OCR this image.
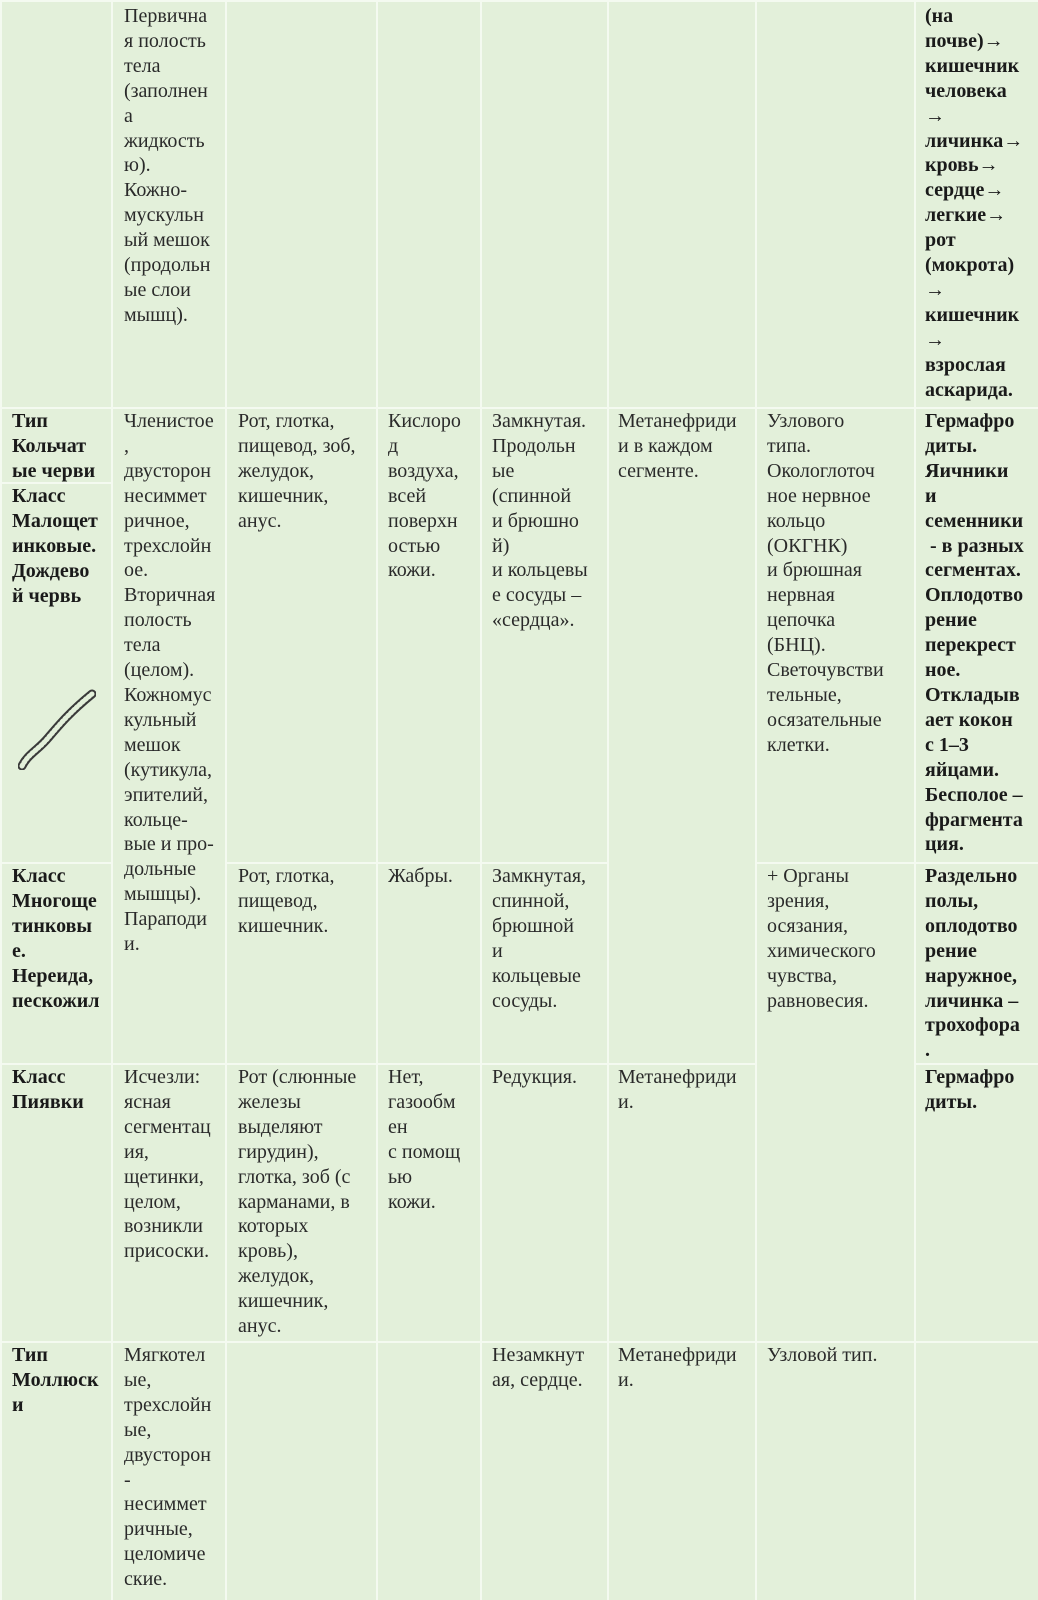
Первична
я полость
тела
(заполнен
а
жидкость
ю).
Кожно-
мускульн
ый мешок
(продольн
ые слои
мышц).
(на
почве)→
кишечник
человека
→
личинка→
кровь→
сердце→
легкие→
рот
(мокрота)
→
кишечник
→
взрослая
aскарида.
Тип
Кольчат
ые черви
Членистое
,
двусторон
несиммет
ричное,
трехслойн
ое.
Вторичная
полость
тела
(целом).
Кожномус
кульный
мешок
(кутикула,
эпителий,
кольце-
вые и про-
дольные
мышцы).
Параподи
и.
Метанефриди
и в каждом
сегменте.
Класс
Малощет
инковые.
Дождево
й червь
Рот, глотка,
пищевод, зоб,
желудок,
кишечник,
анус.
Кислоро
д
воздуха,
всей
поверхн
остью
кожи.
Замкнутая.
Продольн
ые
(спинной
и брюшно
й)
и кольцевы
е сосуды –
«сердца».
Узлового
типа.
Окологлоточ
ное нервное
кольцо
(ОКГНК)
и брюшная
нервная
цепочка
(БНЦ).
Светочувстви
тельные,
осязательные
клетки.
Гермафро
диты.
Яичники
и
семенники
- в разных
сегментах.
Оплодотво
рение
перекрест
ное.
Откладыв
ает кокон
с 1–3
яйцами.
Бесполое –
фрагмента
ция.
Класс
Многоще
тинковы
е.
Нереида,
пескожил
Рот, глотка,
пищевод,
кишечник.
Жабры. Замкнутая,
спинной,
брюшной
и
кольцевые
сосуды.
+ Органы
зрения,
осязания,
химического
чувства,
равновесия.
Раздельно
полы,
оплодотво
рение
наружное,
личинка –
трохофора
.
Класс
Пиявки
Исчезли:
ясная
сегментац
ия,
щетинки,
целом,
возникли
присоски.
Рот (слюнные
железы
выделяют
гирудин),
глотка, зоб (с
карманами, в
которых
кровь),
желудок,
кишечник,
анус.
Нет,
газообм
ен
с помощ
ью
кожи.
Редукция. Метанефриди
и.
Гермафро
диты.
Тип
Моллюск
и
Мягкотел
ые,
трехслойн
ые,
двусторон
-
несиммет
ричные,
целомиче
ские.
Незамкнут
ая, сердце.
Метанефриди
и.
Узловой тип.
